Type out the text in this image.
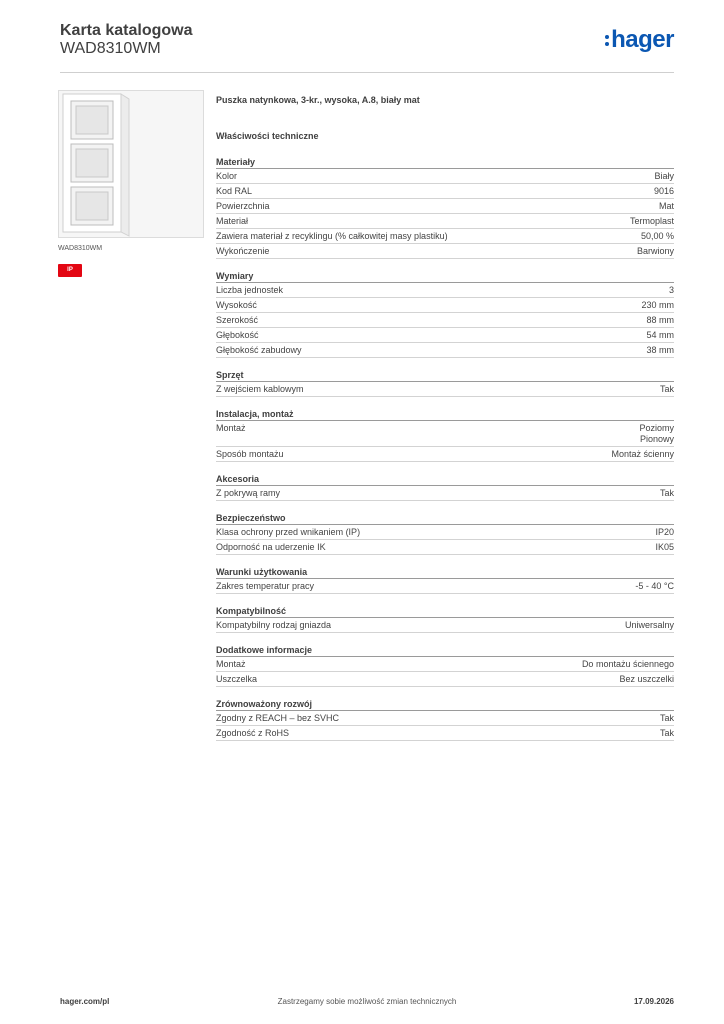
Karta katalogowa
WAD8310WM	hager
WAD8310WM
IP
Puszka natynkowa, 3-kr., wysoka, A.8, biały mat
Właściwości techniczne
Materiały
Kolor	Biały
Kod RAL	9016
Powierzchnia	Mat
Materiał	Termoplast
Zawiera materiał z recyklingu (% całkowitej masy plastiku)	50,00 %
Wykończenie	Barwiony
Wymiary
Liczba jednostek	3
Wysokość	230 mm
Szerokość	88 mm
Głębokość	54 mm
Głębokość zabudowy	38 mm
Sprzęt
Z wejściem kablowym	Tak
Instalacja, montaż
Montaż	Poziomy
Pionowy
Sposób montażu	Montaż ścienny
Akcesoria
Z pokrywą ramy	Tak
Bezpieczeństwo
Klasa ochrony przed wnikaniem (IP)	IP20
Odporność na uderzenie IK	IK05
Warunki użytkowania
Zakres temperatur pracy	-5 - 40 °C
Kompatybilność
Kompatybilny rodzaj gniazda	Uniwersalny
Dodatkowe informacje
Montaż	Do montażu ściennego
Uszczelka	Bez uszczelki
Zrównoważony rozwój
Zgodny z REACH – bez SVHC	Tak
Zgodność z RoHS	Tak
hager.com/pl	Zastrzegamy sobie możliwość zmian technicznych	17.09.2026
